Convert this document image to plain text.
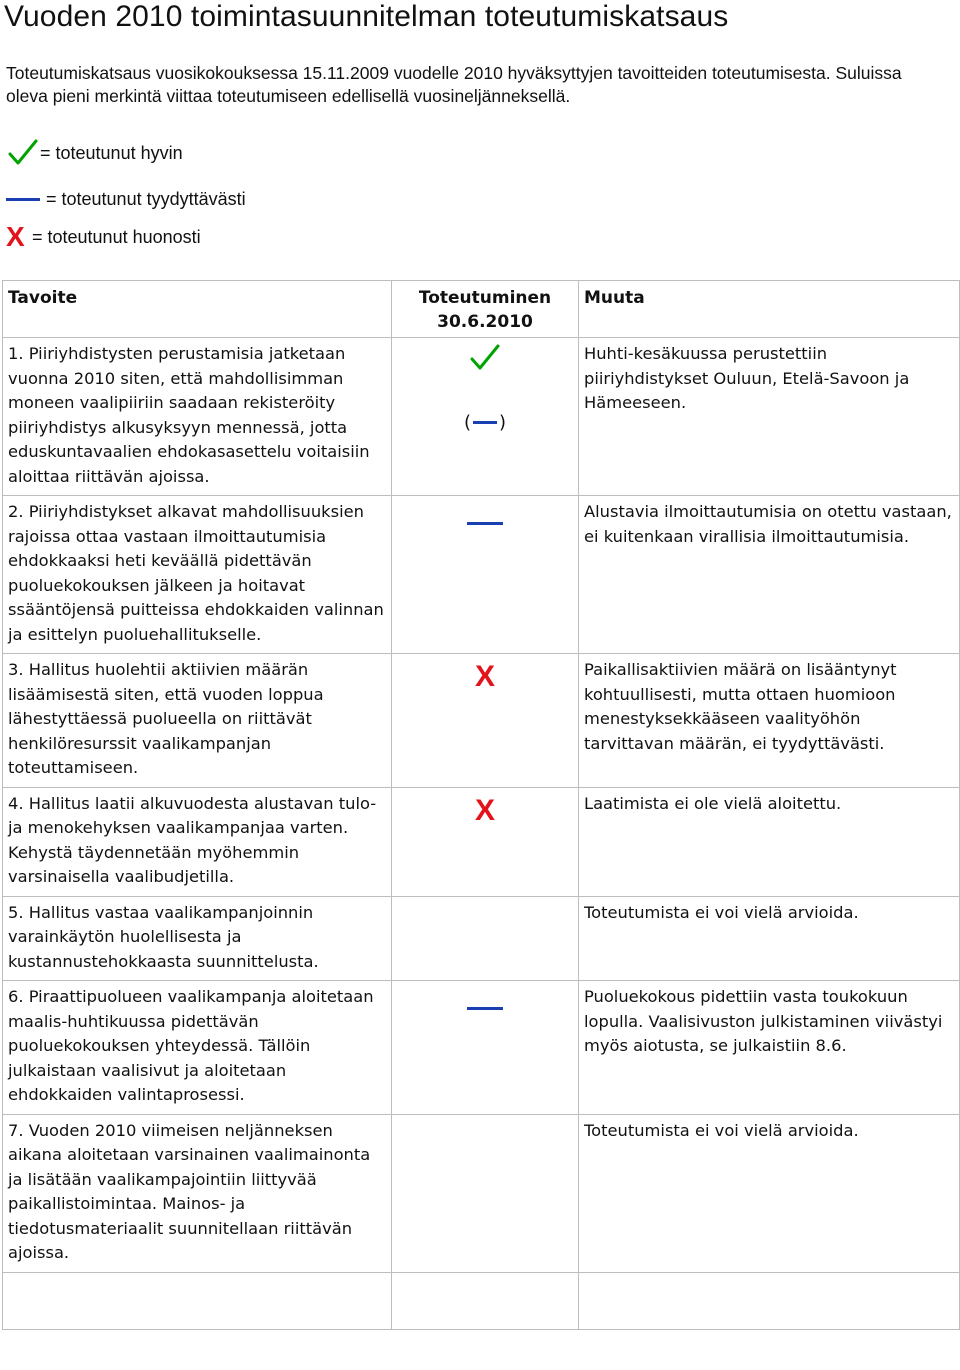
Vuoden 2010 toimintasuunnitelman toteutumiskatsaus
Toteutumiskatsaus vuosikokouksessa 15.11.2009 vuodelle 2010 hyväksyttyjen tavoitteiden toteutumisesta. Suluissa oleva pieni merkintä viittaa toteutumiseen edellisellä vuosineljänneksellä.
= toteutunut hyvin
= toteutunut tyydyttävästi
X = toteutunut huonosti
Tavoite	Toteutuminen 30.6.2010	Muuta

1. Piiriyhdistysten perustamisia jatketaan vuonna 2010 siten, että mahdollisimman moneen vaalipiiriin saadaan rekisteröity piiriyhdistys alkusyksyyn mennessä, jotta eduskuntavaalien ehdokasasettelu voitaisiin aloittaa riittävän ajoissa.	( )	Huhti-kesäkuussa perustettiin piiriyhdistykset Ouluun, Etelä-Savoon ja Hämeeseen.

2. Piiriyhdistykset alkavat mahdollisuuksien rajoissa ottaa vastaan ilmoittautumisia ehdokkaaksi heti keväällä pidettävän puoluekokouksen jälkeen ja hoitavat ssääntöjensä puitteissa ehdokkaiden valinnan ja esittelyn puoluehallitukselle.		Alustavia ilmoittautumisia on otettu vastaan, ei kuitenkaan virallisia ilmoittautumisia.

3. Hallitus huolehtii aktiivien määrän lisäämisestä siten, että vuoden loppua lähestyttäessä puolueella on riittävät henkilöresurssit vaalikampanjan toteuttamiseen.	X	Paikallisaktiivien määrä on lisääntynyt kohtuullisesti, mutta ottaen huomioon menestyksekkääseen vaalityöhön tarvittavan määrän, ei tyydyttävästi.

4. Hallitus laatii alkuvuodesta alustavan tulo- ja menokehyksen vaalikampanjaa varten. Kehystä täydennetään myöhemmin varsinaisella vaalibudjetilla.	X	Laatimista ei ole vielä aloitettu.

5. Hallitus vastaa vaalikampanjoinnin varainkäytön huolellisesta ja kustannustehokkaasta suunnittelusta.		Toteutumista ei voi vielä arvioida.

6. Piraattipuolueen vaalikampanja aloitetaan maalis-huhtikuussa pidettävän puoluekokouksen yhteydessä. Tällöin julkaistaan vaalisivut ja aloitetaan ehdokkaiden valintaprosessi.		Puoluekokous pidettiin vasta toukokuun lopulla. Vaalisivuston julkistaminen viivästyi myös aiotusta, se julkaistiin 8.6.

7. Vuoden 2010 viimeisen neljänneksen aikana aloitetaan varsinainen vaalimainonta ja lisätään vaalikampajointiin liittyvää paikallistoimintaa. Mainos- ja tiedotusmateriaalit suunnitellaan riittävän ajoissa.		Toteutumista ei voi vielä arvioida.
